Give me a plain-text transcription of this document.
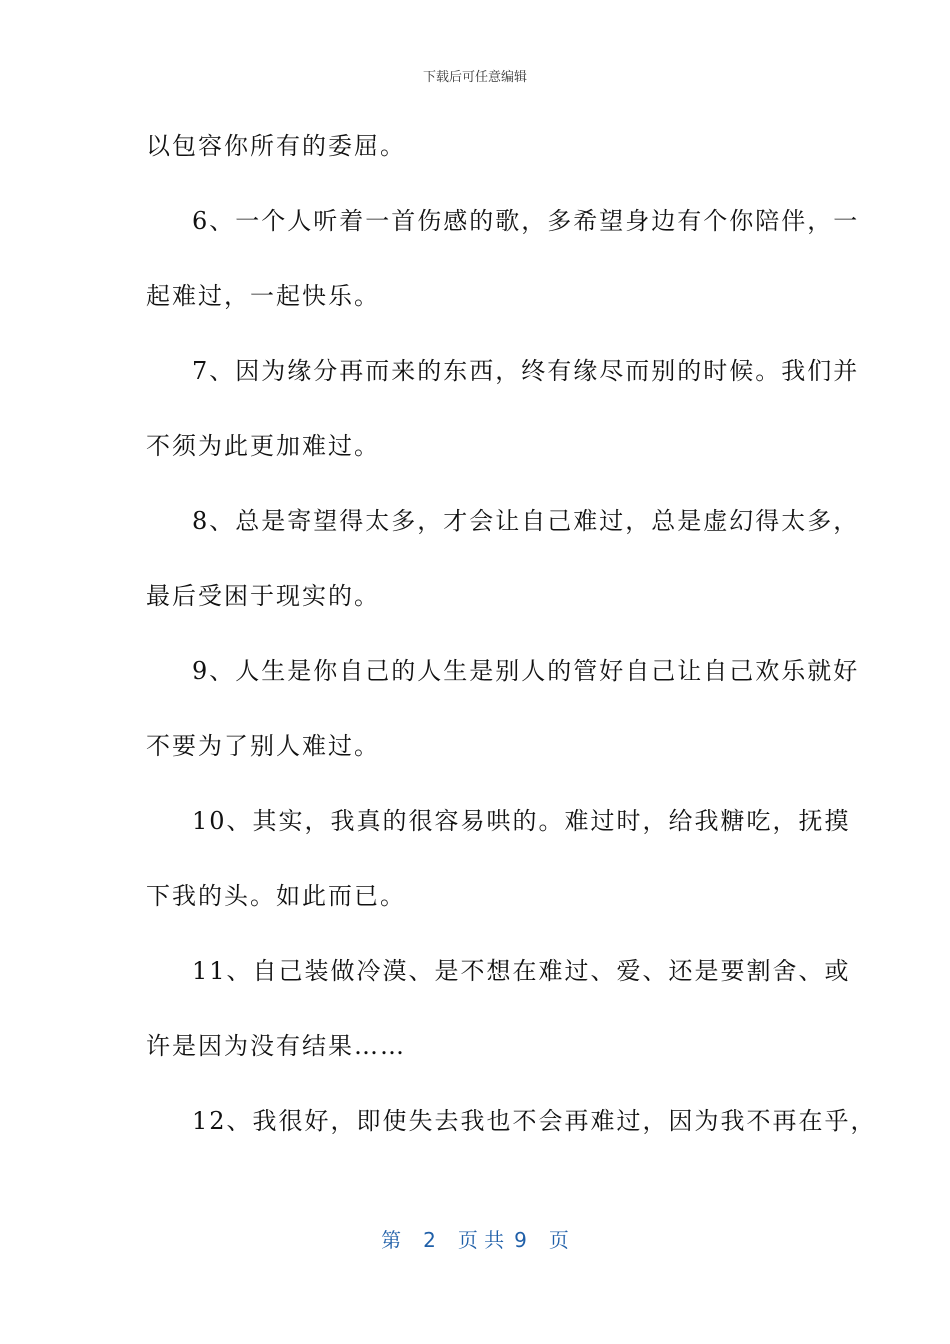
下载后可任意编辑
以包容你所有的委屈。
6、一个人听着一首伤感的歌，多希望身边有个你陪伴，一
起难过，一起快乐。
7、因为缘分再而来的东西，终有缘尽而别的时候。我们并
不须为此更加难过。
8、总是寄望得太多，才会让自己难过，总是虚幻得太多，
最后受困于现实的。
9、人生是你自己的人生是别人的管好自己让自己欢乐就好
不要为了别人难过。
10、其实，我真的很容易哄的。难过时，给我糖吃，抚摸
下我的头。如此而已。
11、自己装做冷漠、是不想在难过、爱、还是要割舍、或
许是因为没有结果……
12、我很好，即使失去我也不会再难过，因为我不再在乎，
第 2 页 共 9 页
